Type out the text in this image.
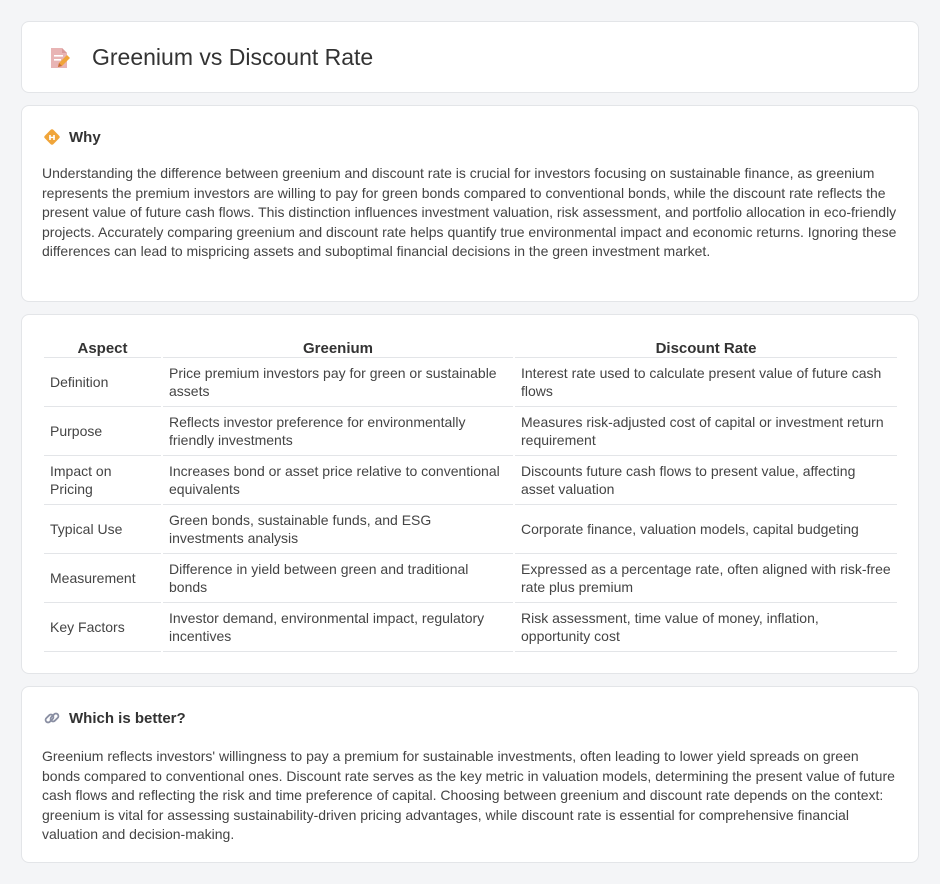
Greenium vs Discount Rate
Why

Understanding the difference between greenium and discount rate is crucial for investors focusing on sustainable finance, as greenium represents the premium investors are willing to pay for green bonds compared to conventional bonds, while the discount rate reflects the present value of future cash flows. This distinction influences investment valuation, risk assessment, and portfolio allocation in eco-friendly projects. Accurately comparing greenium and discount rate helps quantify true environmental impact and economic returns. Ignoring these differences can lead to mispricing assets and suboptimal financial decisions in the green investment market.

Aspect	Greenium	Discount Rate
Definition	Price premium investors pay for green or sustainable assets	Interest rate used to calculate present value of future cash flows
Purpose	Reflects investor preference for environmentally friendly investments	Measures risk-adjusted cost of capital or investment return requirement
Impact on Pricing	Increases bond or asset price relative to conventional equivalents	Discounts future cash flows to present value, affecting asset valuation
Typical Use	Green bonds, sustainable funds, and ESG investments analysis	Corporate finance, valuation models, capital budgeting
Measurement	Difference in yield between green and traditional bonds	Expressed as a percentage rate, often aligned with risk-free rate plus premium
Key Factors	Investor demand, environmental impact, regulatory incentives	Risk assessment, time value of money, inflation, opportunity cost
Which is better?

Greenium reflects investors' willingness to pay a premium for sustainable investments, often leading to lower yield spreads on green bonds compared to conventional ones. Discount rate serves as the key metric in valuation models, determining the present value of future cash flows and reflecting the risk and time preference of capital. Choosing between greenium and discount rate depends on the context: greenium is vital for assessing sustainability-driven pricing advantages, while discount rate is essential for comprehensive financial valuation and decision-making.
